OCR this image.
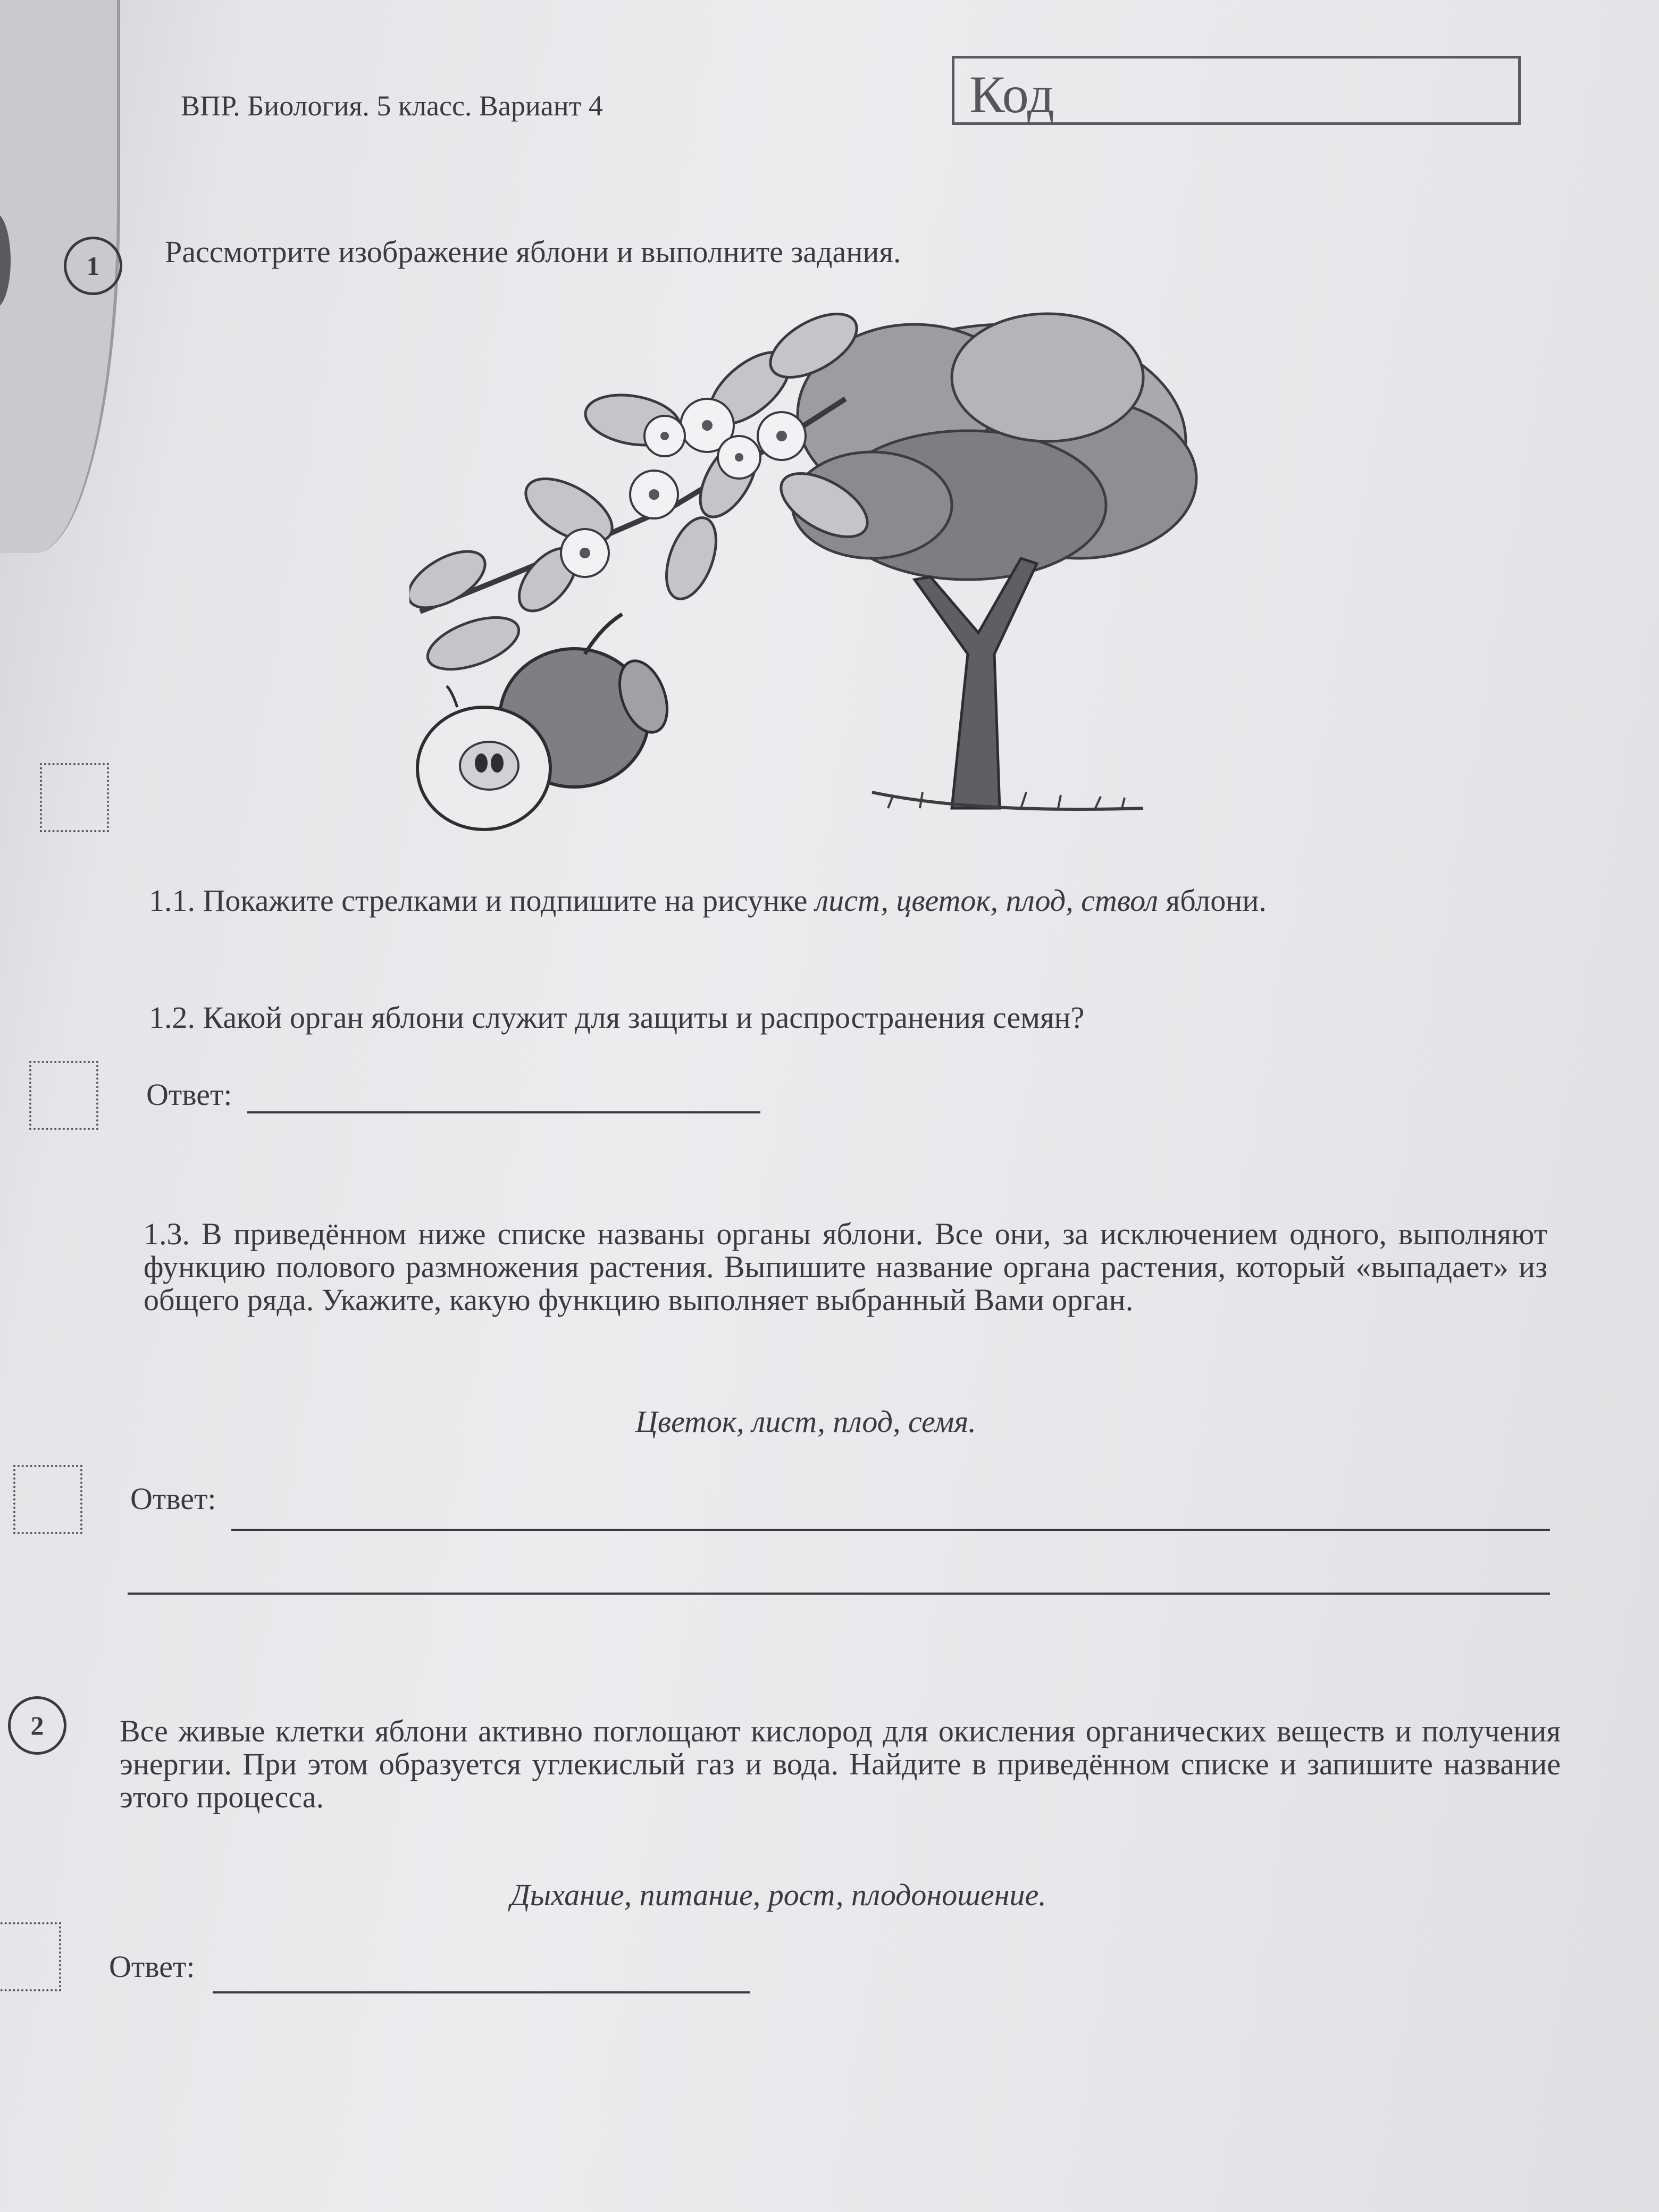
ВПР. Биология. 5 класс. Вариант 4	Код
1	Рассмотрите изображение яблони и выполните задания.
1.1. Покажите стрелками и подпишите на рисунке лист, цветок, плод, ствол яблони.
1.2. Какой орган яблони служит для защиты и распространения семян?
Ответ:
1.3. В приведённом ниже списке названы органы яблони. Все они, за исключением одного, выполняют функцию полового размножения растения. Выпишите название органа растения, который «выпадает» из общего ряда. Укажите, какую функцию выполняет выбранный Вами орган.
Цветок, лист, плод, семя.
Ответ:
2	Все живые клетки яблони активно поглощают кислород для окисления органических веществ и получения энергии. При этом образуется углекислый газ и вода. Найдите в приведённом списке и запишите название этого процесса.
Дыхание, питание, рост, плодоношение.
Ответ:
